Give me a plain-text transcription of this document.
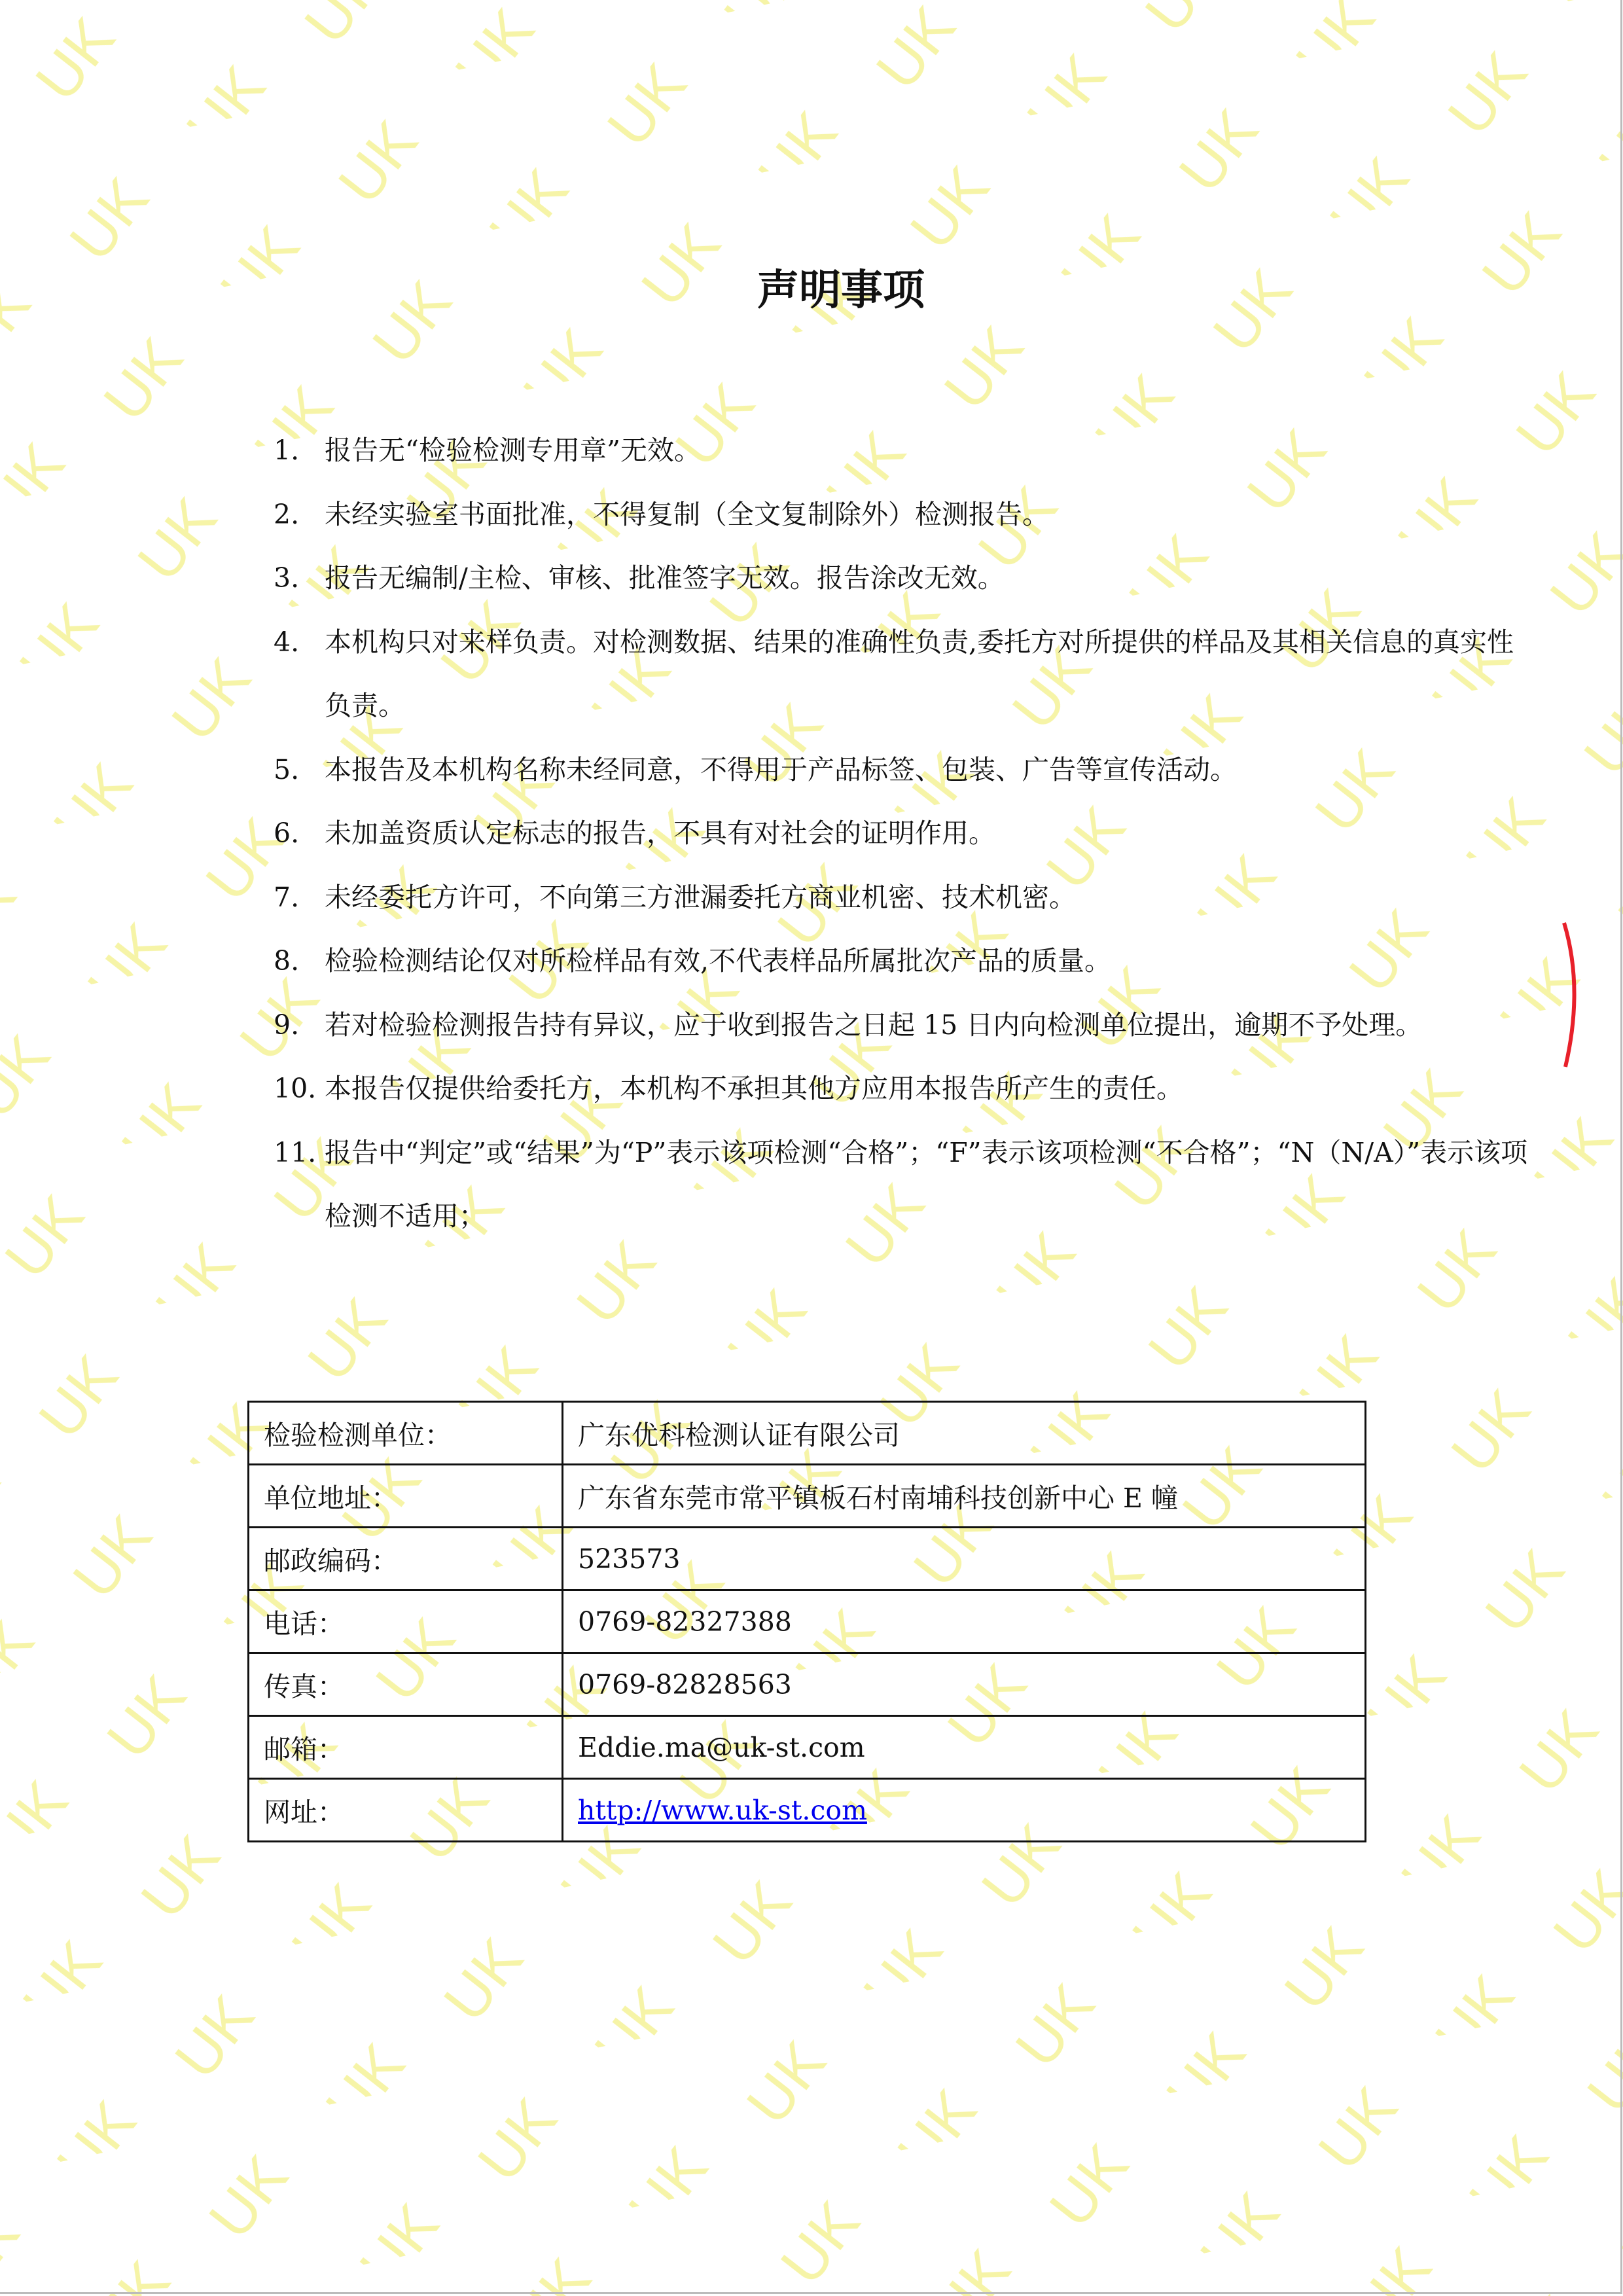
声明事项
1. 报告无“检验检测专用章”无效。
2. 未经实验室书面批准，不得复制（全文复制除外）检测报告。
3. 报告无编制/主检、审核、批准签字无效。报告涂改无效。
4. 本机构只对来样负责。对检测数据、结果的准确性负责,委托方对所提供的样品及其相关信息的真实性负责。
5. 本报告及本机构名称未经同意，不得用于产品标签、包装、广告等宣传活动。
6. 未加盖资质认定标志的报告，不具有对社会的证明作用。
7. 未经委托方许可，不向第三方泄漏委托方商业机密、技术机密。
8. 检验检测结论仅对所检样品有效,不代表样品所属批次产品的质量。
9. 若对检验检测报告持有异议，应于收到报告之日起 15 日内向检测单位提出，逾期不予处理。
10. 本报告仅提供给委托方，本机构不承担其他方应用本报告所产生的责任。
11. 报告中“判定”或“结果”为“P”表示该项检测“合格”；“F”表示该项检测“不合格”；“N（N/A）”表示该项检测不适用；
检验检测单位：	广东优科检测认证有限公司
单位地址：	广东省东莞市常平镇板石村南埔科技创新中心 E 幢
邮政编码：	523573
电话：	0769-82327388
传真：	0769-82828563
邮箱：	Eddie.ma@uk-st.com
网址：	http://www.uk-st.com
